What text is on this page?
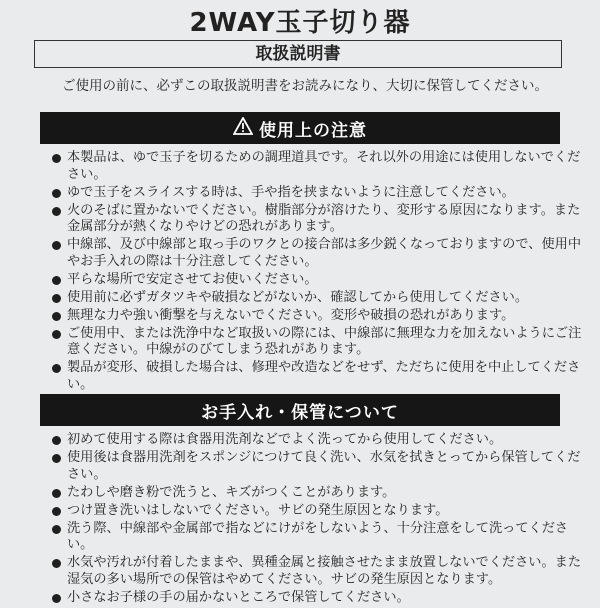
2WAY玉子切り器
取扱説明書
ご使用の前に、必ずこの取扱説明書をお読みになり、大切に保管してください。
使用上の注意
本製品は、ゆで玉子を切るための調理道具です。それ以外の用途には使用しないでください。
ゆで玉子をスライスする時は、手や指を挟まないように注意してください。
火のそばに置かないでください。樹脂部分が溶けたり、変形する原因になります。また金属部分が熱くなりやけどの恐れがあります。
中線部、及び中線部と取っ手のワクとの接合部は多少鋭くなっておりますので、使用中やお手入れの際は十分注意してください。
平らな場所で安定させてお使いください。
使用前に必ずガタツキや破損などがないか、確認してから使用してください。
無理な力や強い衝撃を与えないでください。変形や破損の恐れがあります。
ご使用中、または洗浄中など取扱いの際には、中線部に無理な力を加えないようにご注意ください。中線がのびてしまう恐れがあります。
製品が変形、破損した場合は、修理や改造などをせず、ただちに使用を中止してください。
お手入れ・保管について
初めて使用する際は食器用洗剤などでよく洗ってから使用してください。
使用後は食器用洗剤をスポンジにつけて良く洗い、水気を拭きとってから保管してください。
たわしや磨き粉で洗うと、キズがつくことがあります。
つけ置き洗いはしないでください。サビの発生原因となります。
洗う際、中線部や金属部で指などにけがをしないよう、十分注意をして洗ってください。
水気や汚れが付着したままや、異種金属と接触させたまま放置しないでください。また湿気の多い場所での保管はやめてください。サビの発生原因となります。
小さなお子様の手の届かないところで保管してください。
